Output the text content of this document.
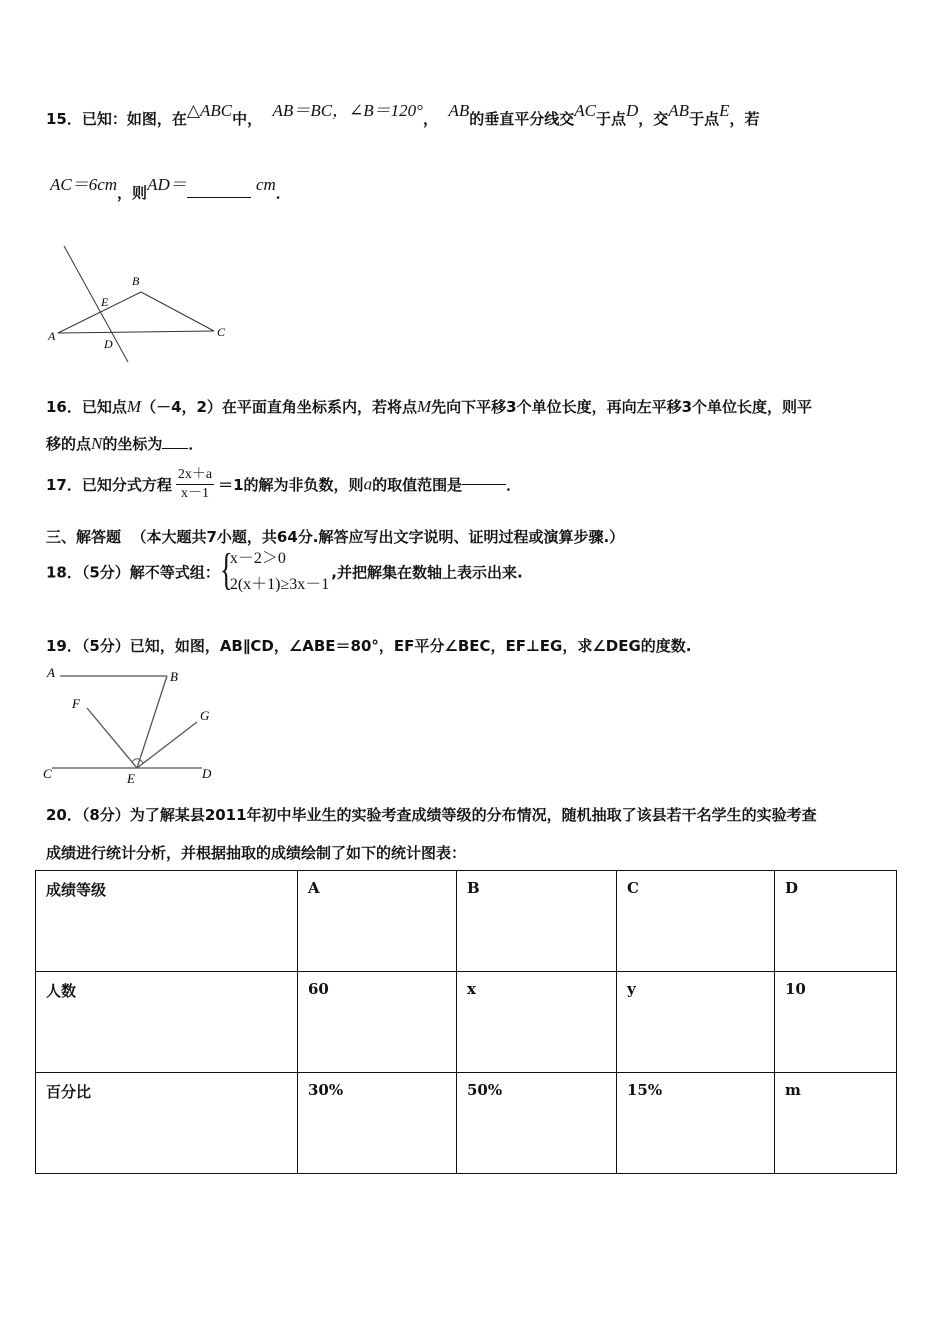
15．已知：如图，在△ABC中， AB＝BC，∠B＝120°， AB的垂直平分线交AC于点D，交AB于点E，若
AC＝6cm，则AD＝	cm．
A
B
C
D
E
16．已知点M（－4，2）在平面直角坐标系内，若将点M先向下平移3个单位长度，再向左平移3个单位长度，则平
移的点N的坐标为 ．
17．已知分式方程 $\frac{2x+a}{x-1} =1$的解为非负数，则a的取值范围是	．
三、解答题 （本大题共7小题，共64分.解答应写出文字说明、证明过程或演算步骤.）
18．（5分）解不等式组： {
x－2＞0
2(x＋1)≥3x－1
,并把解集在数轴上表示出来.
19．（5分）已知，如图，AB∥CD，∠ABE＝80°，EF平分∠BEC，EF⊥EG，求∠DEG的度数.
A	B
C	D
E
F
G
20．（8分）为了解某县2011年初中毕业生的实验考查成绩等级的分布情况，随机抽取了该县若干名学生的实验考查
成绩进行统计分析，并根据抽取的成绩绘制了如下的统计图表：
成绩等级	A	B	C	D
人数	60	x	y	10
百分比	30%	50%	15%	m
